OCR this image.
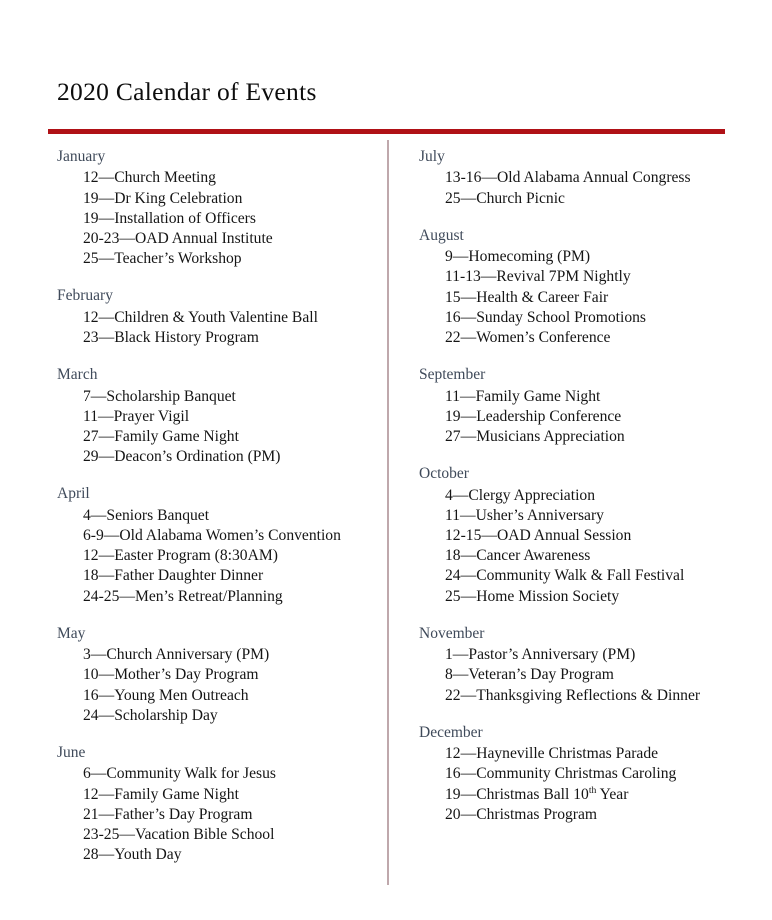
2020 Calendar of Events
January
12—Church Meeting
19—Dr King Celebration
19—Installation of Officers
20-23—OAD Annual Institute
25—Teacher’s Workshop
February
12—Children & Youth Valentine Ball
23—Black History Program
March
7—Scholarship Banquet
11—Prayer Vigil
27—Family Game Night
29—Deacon’s Ordination (PM)
April
4—Seniors Banquet
6-9—Old Alabama Women’s Convention
12—Easter Program (8:30AM)
18—Father Daughter Dinner
24-25—Men’s Retreat/Planning
May
3—Church Anniversary (PM)
10—Mother’s Day Program
16—Young Men Outreach
24—Scholarship Day
June
6—Community Walk for Jesus
12—Family Game Night
21—Father’s Day Program
23-25—Vacation Bible School
28—Youth Day
July
13-16—Old Alabama Annual Congress
25—Church Picnic
August
9—Homecoming (PM)
11-13—Revival 7PM Nightly
15—Health & Career Fair
16—Sunday School Promotions
22—Women’s Conference
September
11—Family Game Night
19—Leadership Conference
27—Musicians Appreciation
October
4—Clergy Appreciation
11—Usher’s Anniversary
12-15—OAD Annual Session
18—Cancer Awareness
24—Community Walk & Fall Festival
25—Home Mission Society
November
1—Pastor’s Anniversary (PM)
8—Veteran’s Day Program
22—Thanksgiving Reflections & Dinner
December
12—Hayneville Christmas Parade
16—Community Christmas Caroling
19—Christmas Ball 10th Year
20—Christmas Program
